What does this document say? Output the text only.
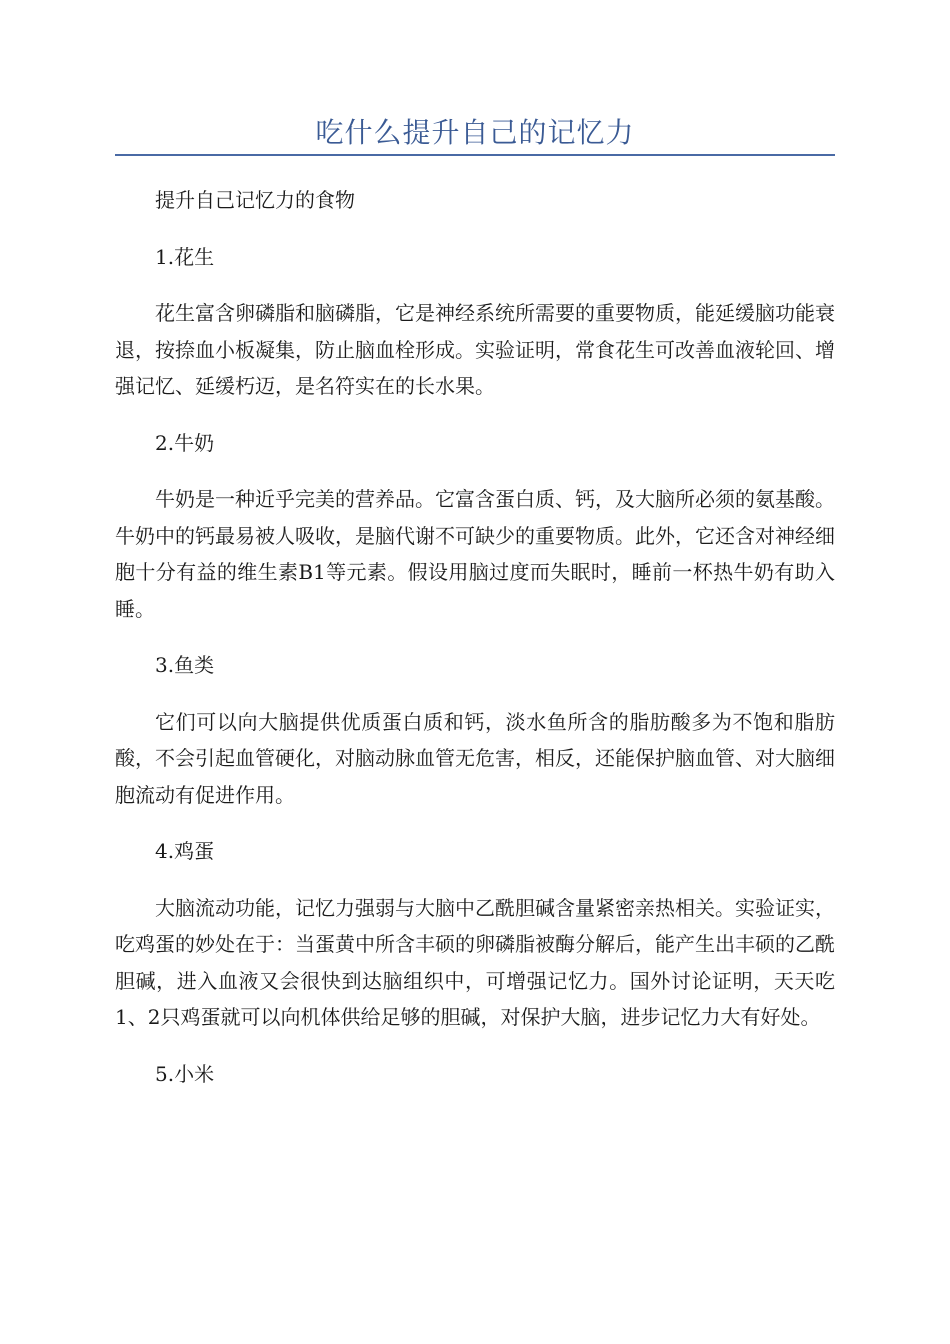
吃什么提升自己的记忆力

提升自己记忆力的食物

1.花生

花生富含卵磷脂和脑磷脂，它是神经系统所需要的重要物质，能延缓脑功能衰退，按捺血小板凝集，防止脑血栓形成。实验证明，常食花生可改善血液轮回、增强记忆、延缓朽迈，是名符实在的长水果。

2.牛奶

牛奶是一种近乎完美的营养品。它富含蛋白质、钙，及大脑所必须的氨基酸。牛奶中的钙最易被人吸收，是脑代谢不可缺少的重要物质。此外，它还含对神经细胞十分有益的维生素B1等元素。假设用脑过度而失眠时，睡前一杯热牛奶有助入睡。

3.鱼类

它们可以向大脑提供优质蛋白质和钙，淡水鱼所含的脂肪酸多为不饱和脂肪酸，不会引起血管硬化，对脑动脉血管无危害，相反，还能保护脑血管、对大脑细胞流动有促进作用。

4.鸡蛋

大脑流动功能，记忆力强弱与大脑中乙酰胆碱含量紧密亲热相关。实验证实，吃鸡蛋的妙处在于：当蛋黄中所含丰硕的卵磷脂被酶分解后，能产生出丰硕的乙酰胆碱，进入血液又会很快到达脑组织中，可增强记忆力。国外讨论证明，天天吃1、2只鸡蛋就可以向机体供给足够的胆碱，对保护大脑，进步记忆力大有好处。

5.小米
